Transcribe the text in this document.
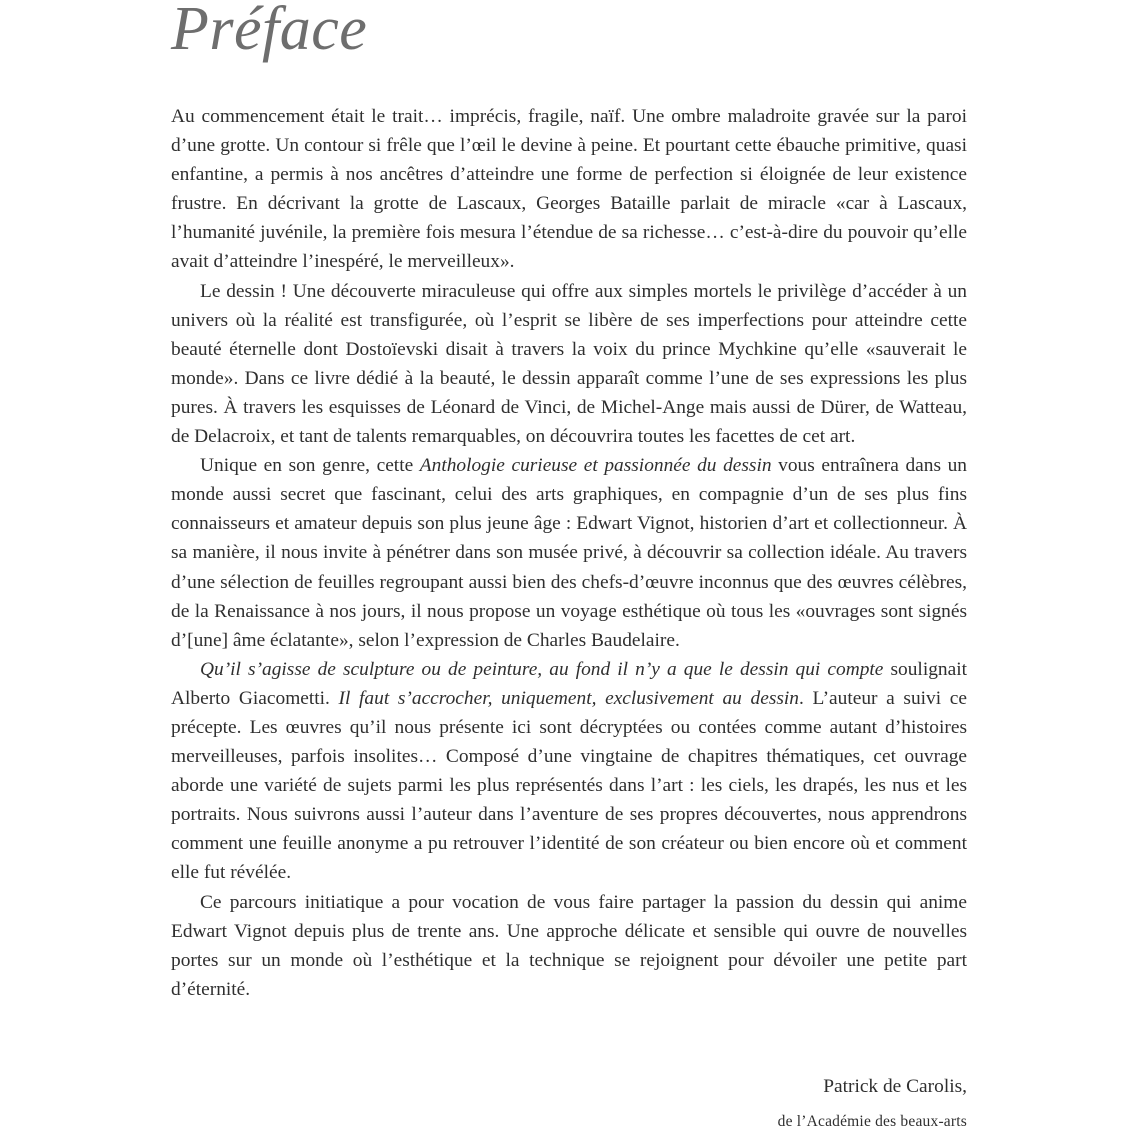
Préface

Au commencement était le trait… imprécis, fragile, naïf. Une ombre maladroite gravée sur la paroi d’une grotte. Un contour si frêle que l’œil le devine à peine. Et pourtant cette ébauche primitive, quasi enfantine, a permis à nos ancêtres d’atteindre une forme de perfection si éloignée de leur existence frustre. En décrivant la grotte de Lascaux, Georges Bataille parlait de miracle «car à Lascaux, l’humanité juvénile, la première fois mesura l’étendue de sa richesse… c’est-à-dire du pouvoir qu’elle avait d’atteindre l’inespéré, le merveilleux».

Le dessin ! Une découverte miraculeuse qui offre aux simples mortels le privilège d’accéder à un univers où la réalité est transfigurée, où l’esprit se libère de ses imperfections pour atteindre cette beauté éternelle dont Dostoïevski disait à travers la voix du prince Mychkine qu’elle «sauverait le monde». Dans ce livre dédié à la beauté, le dessin apparaît comme l’une de ses expressions les plus pures. À travers les esquisses de Léonard de Vinci, de Michel-Ange mais aussi de Dürer, de Watteau, de Delacroix, et tant de talents remarquables, on découvrira toutes les facettes de cet art.

Unique en son genre, cette Anthologie curieuse et passionnée du dessin vous entraînera dans un monde aussi secret que fascinant, celui des arts graphiques, en compagnie d’un de ses plus fins connaisseurs et amateur depuis son plus jeune âge : Edwart Vignot, historien d’art et collectionneur. À sa manière, il nous invite à pénétrer dans son musée privé, à découvrir sa collection idéale. Au travers d’une sélection de feuilles regroupant aussi bien des chefs-d’œuvre inconnus que des œuvres célèbres, de la Renaissance à nos jours, il nous propose un voyage esthétique où tous les «ouvrages sont signés d’[une] âme éclatante», selon l’expression de Charles Baudelaire.

Qu’il s’agisse de sculpture ou de peinture, au fond il n’y a que le dessin qui compte soulignait Alberto Giacometti. Il faut s’accrocher, uniquement, exclusivement au dessin. L’auteur a suivi ce précepte. Les œuvres qu’il nous présente ici sont décryptées ou contées comme autant d’histoires merveilleuses, parfois insolites… Composé d’une vingtaine de chapitres thématiques, cet ouvrage aborde une variété de sujets parmi les plus représentés dans l’art : les ciels, les drapés, les nus et les portraits. Nous suivrons aussi l’auteur dans l’aventure de ses propres découvertes, nous apprendrons comment une feuille anonyme a pu retrouver l’identité de son créateur ou bien encore où et comment elle fut révélée.

Ce parcours initiatique a pour vocation de vous faire partager la passion du dessin qui anime Edwart Vignot depuis plus de trente ans. Une approche délicate et sensible qui ouvre de nouvelles portes sur un monde où l’esthétique et la technique se rejoignent pour dévoiler une petite part d’éternité.

Patrick de Carolis,

de l’Académie des beaux-arts
